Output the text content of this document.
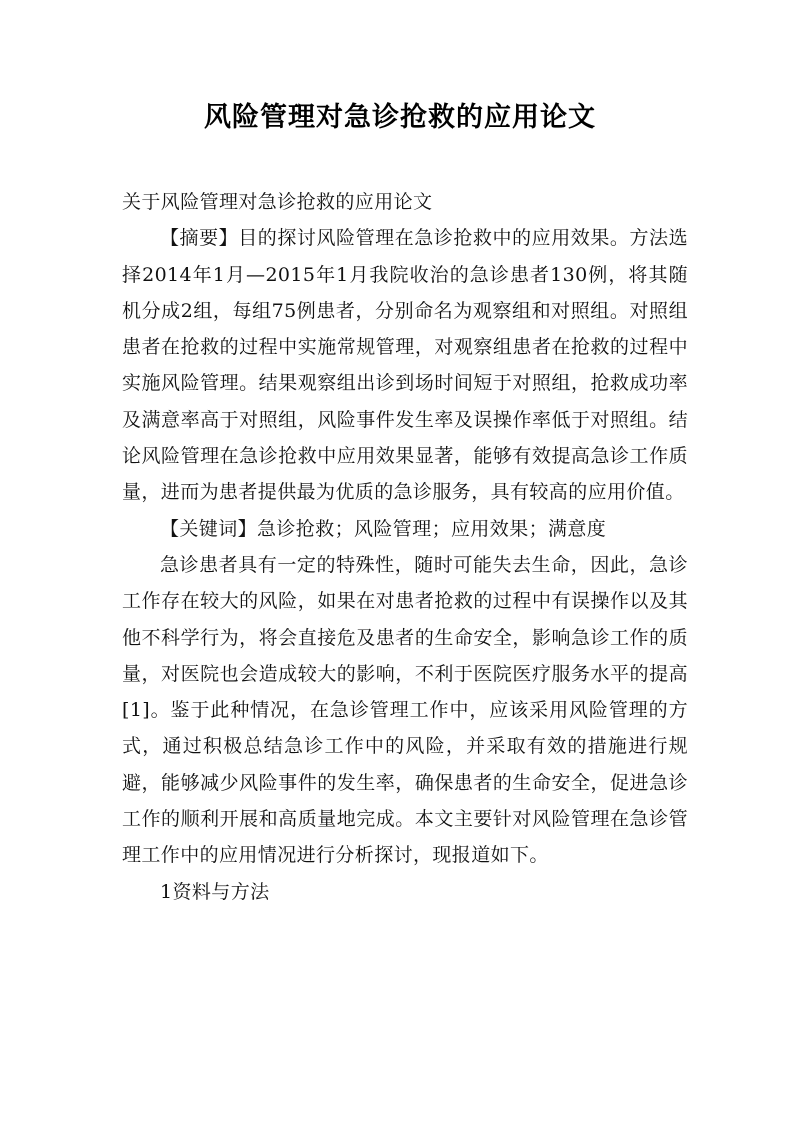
风险管理对急诊抢救的应用论文

关于风险管理对急诊抢救的应用论文

【摘要】目的探讨风险管理在急诊抢救中的应用效果。方法选择2014年1月—2015年1月我院收治的急诊患者130例，将其随机分成2组，每组75例患者，分别命名为观察组和对照组。对照组患者在抢救的过程中实施常规管理，对观察组患者在抢救的过程中实施风险管理。结果观察组出诊到场时间短于对照组，抢救成功率及满意率高于对照组，风险事件发生率及误操作率低于对照组。结论风险管理在急诊抢救中应用效果显著，能够有效提高急诊工作质量，进而为患者提供最为优质的急诊服务，具有较高的应用价值。

【关键词】急诊抢救；风险管理；应用效果；满意度

急诊患者具有一定的特殊性，随时可能失去生命，因此，急诊工作存在较大的风险，如果在对患者抢救的过程中有误操作以及其他不科学行为，将会直接危及患者的生命安全，影响急诊工作的质量，对医院也会造成较大的影响，不利于医院医疗服务水平的提高[1]。鉴于此种情况，在急诊管理工作中，应该采用风险管理的方式，通过积极总结急诊工作中的风险，并采取有效的措施进行规避，能够减少风险事件的发生率，确保患者的生命安全，促进急诊工作的顺利开展和高质量地完成。本文主要针对风险管理在急诊管理工作中的应用情况进行分析探讨，现报道如下。

1资料与方法
